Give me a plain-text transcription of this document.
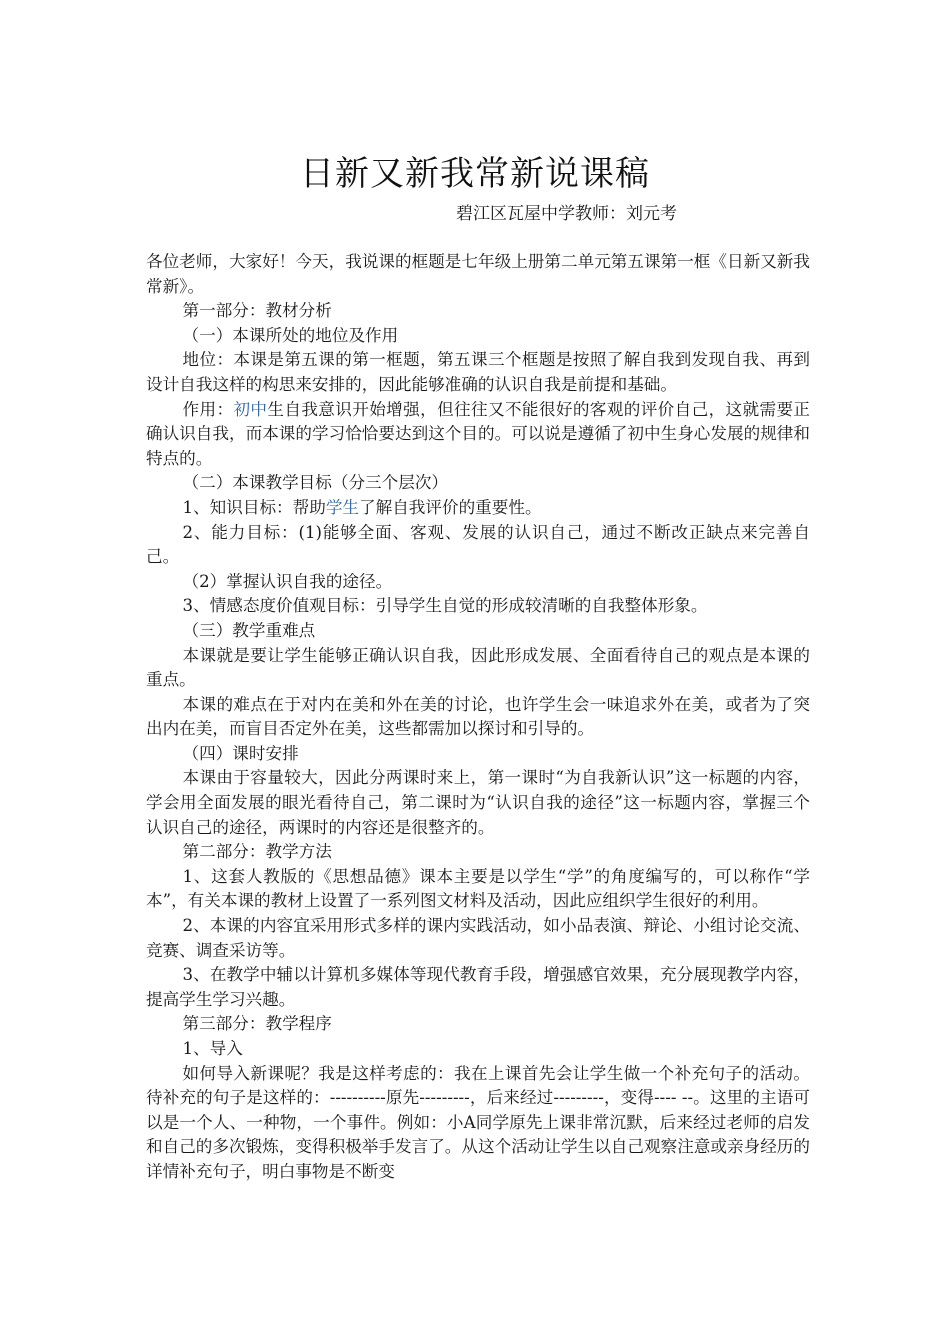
日新又新我常新说课稿
碧江区瓦屋中学教师：刘元考

各位老师，大家好！今天，我说课的框题是七年级上册第二单元第五课第一框《日新又新我常新》。

第一部分：教材分析

（一）本课所处的地位及作用

地位：本课是第五课的第一框题，第五课三个框题是按照了解自我到发现自我、再到设计自我这样的构思来安排的，因此能够准确的认识自我是前提和基础。

作用：初中生自我意识开始增强，但往往又不能很好的客观的评价自己，这就需要正确认识自我，而本课的学习恰恰要达到这个目的。可以说是遵循了初中生身心发展的规律和特点的。

（二）本课教学目标（分三个层次）

1、知识目标：帮助学生了解自我评价的重要性。

2、能力目标：(1)能够全面、客观、发展的认识自己，通过不断改正缺点来完善自己。

（2）掌握认识自我的途径。

3、情感态度价值观目标：引导学生自觉的形成较清晰的自我整体形象。

（三）教学重难点

本课就是要让学生能够正确认识自我，因此形成发展、全面看待自己的观点是本课的重点。

本课的难点在于对内在美和外在美的讨论，也许学生会一味追求外在美，或者为了突出内在美，而盲目否定外在美，这些都需加以探讨和引导的。

（四）课时安排

本课由于容量较大，因此分两课时来上，第一课时“为自我新认识”这一标题的内容，学会用全面发展的眼光看待自己，第二课时为“认识自我的途径”这一标题内容，掌握三个认识自己的途径，两课时的内容还是很整齐的。

第二部分：教学方法

1、这套人教版的《思想品德》课本主要是以学生“学”的角度编写的，可以称作“学本”，有关本课的教材上设置了一系列图文材料及活动，因此应组织学生很好的利用。

2、本课的内容宜采用形式多样的课内实践活动，如小品表演、辩论、小组讨论交流、竞赛、调查采访等。

3、在教学中辅以计算机多媒体等现代教育手段，增强感官效果，充分展现教学内容，提高学生学习兴趣。

第三部分：教学程序

1、导入

如何导入新课呢？我是这样考虑的：我在上课首先会让学生做一个补充句子的活动。待补充的句子是这样的：----------原先---------，后来经过---------，变得---- --。这里的主语可以是一个人、一种物，一个事件。例如：小A同学原先上课非常沉默，后来经过老师的启发和自己的多次锻炼，变得积极举手发言了。从这个活动让学生以自己观察注意或亲身经历的详情补充句子，明白事物是不断变
